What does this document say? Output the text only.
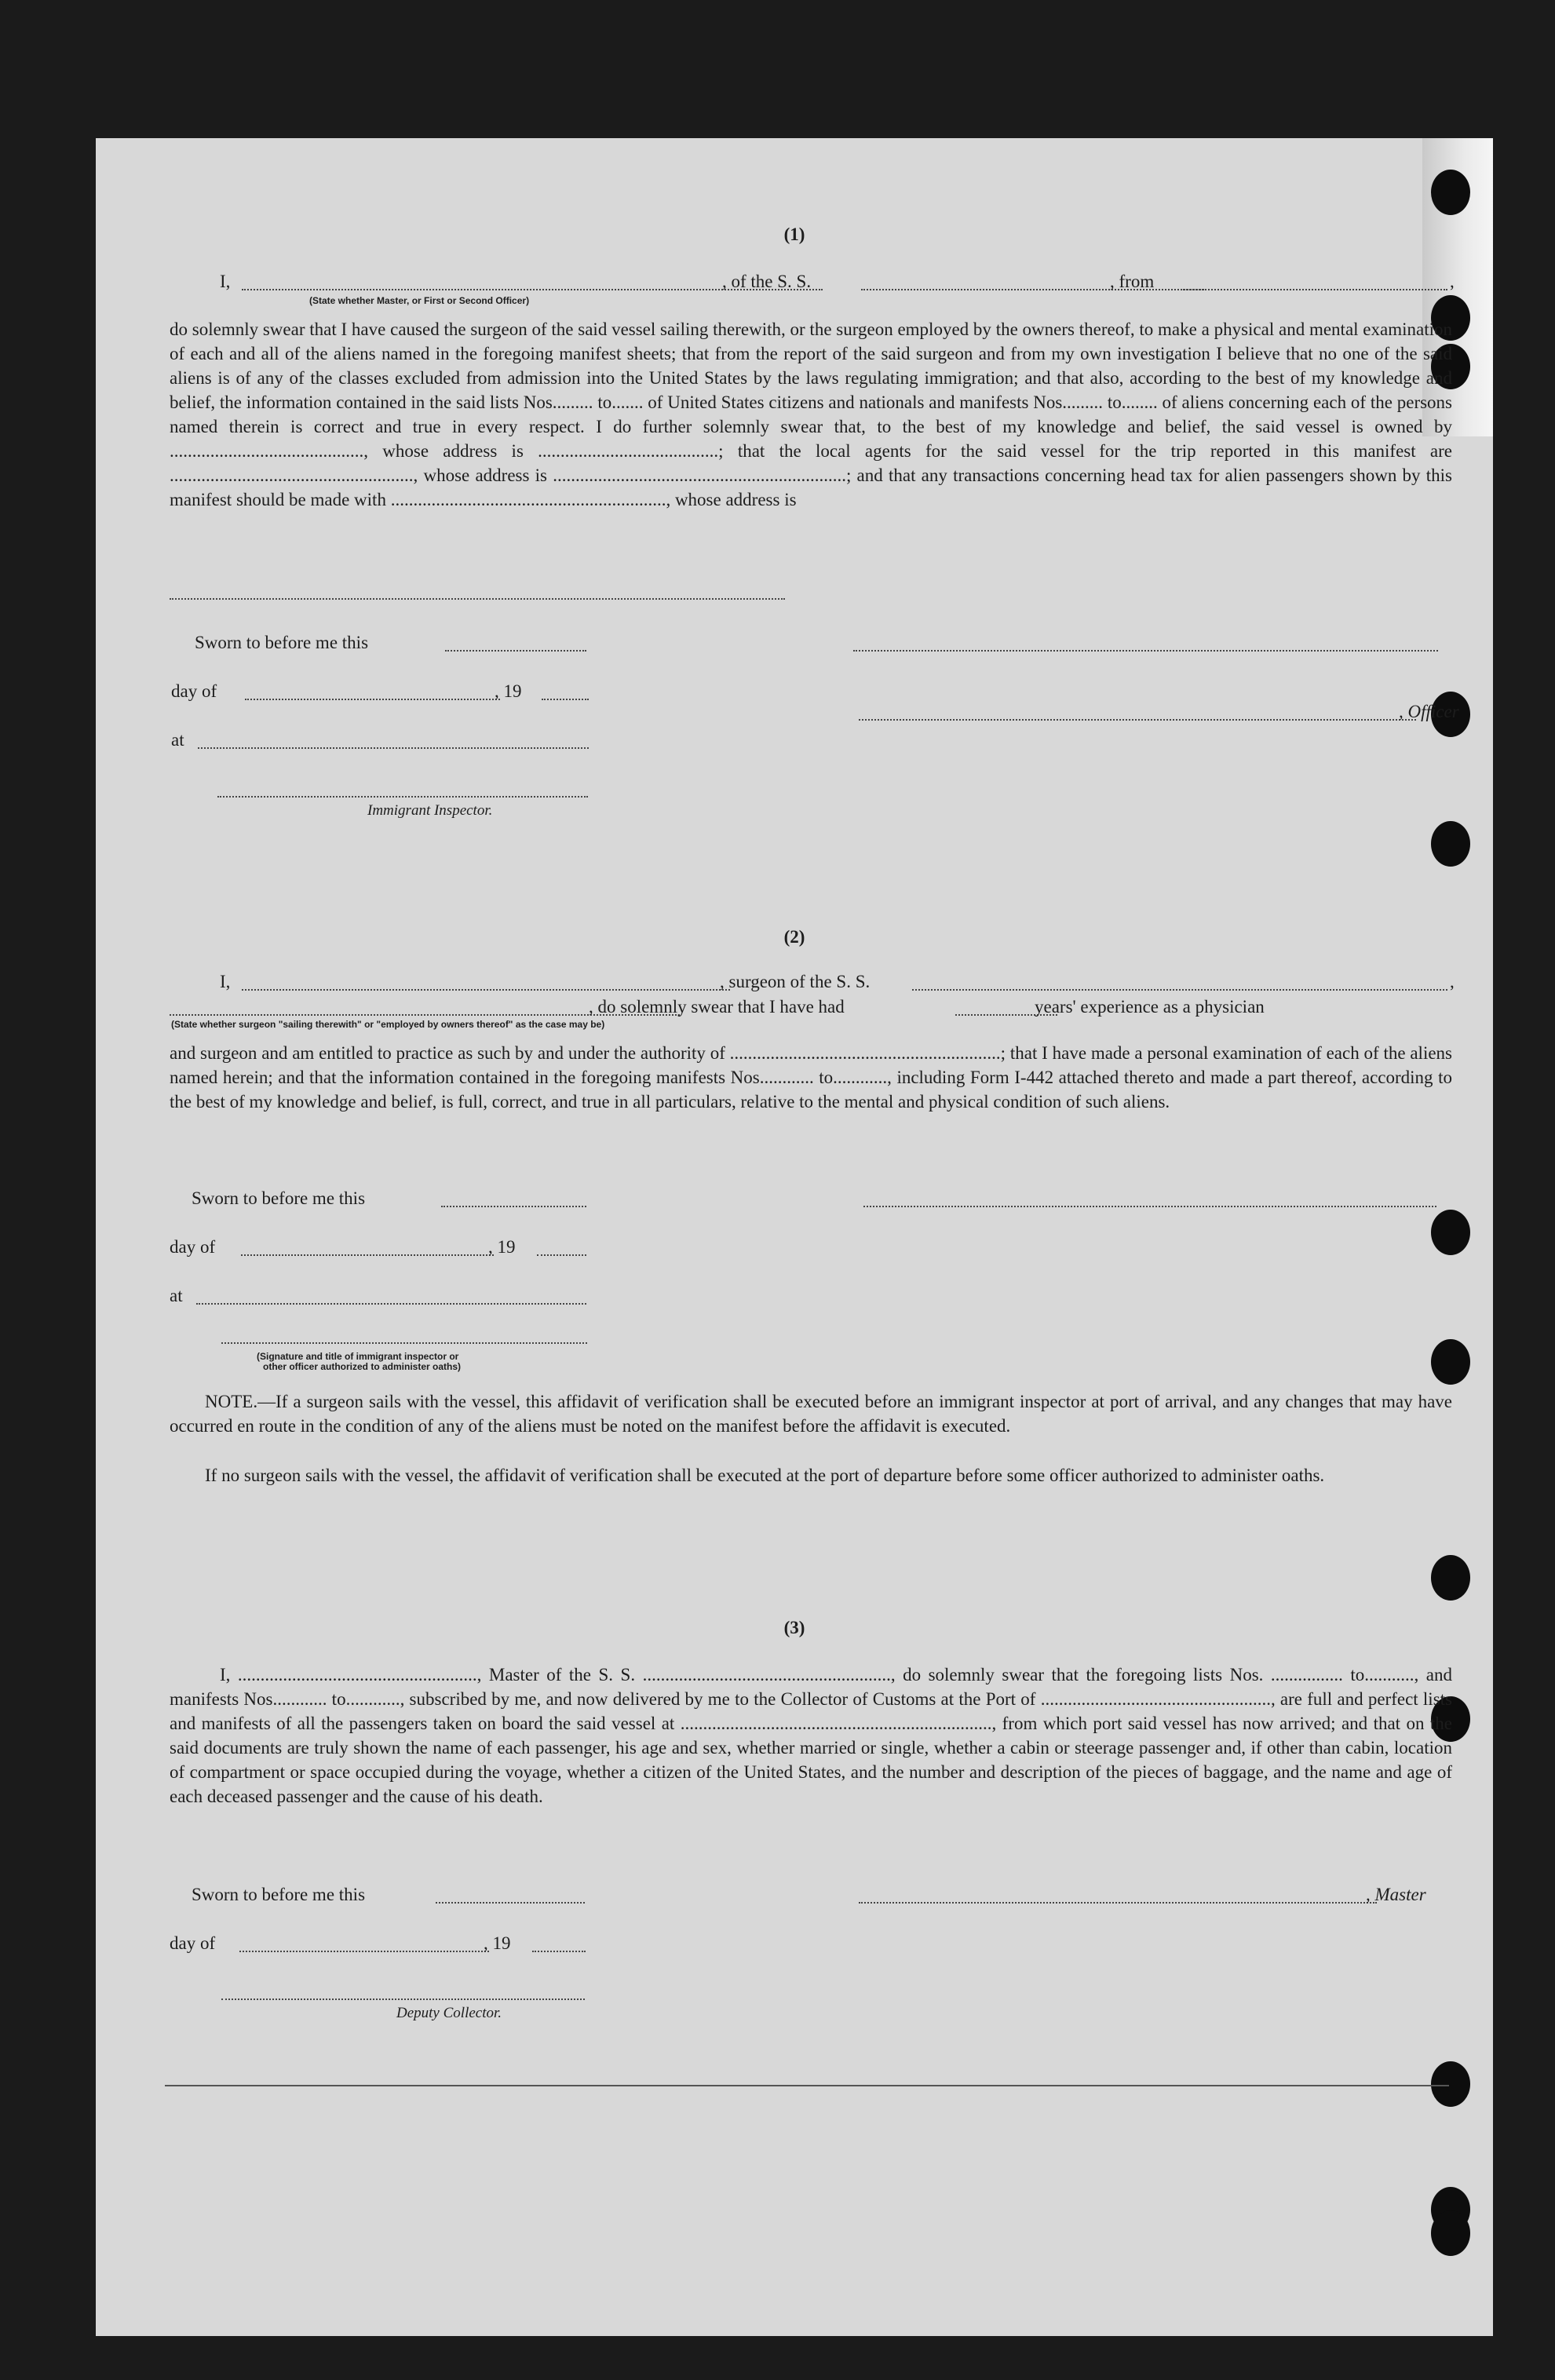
(1)
I,	, of the S. S.	, from	,
(State whether Master, or First or Second Officer)

do solemnly swear that I have caused the surgeon of the said vessel sailing therewith, or the surgeon employed by the owners thereof, to make a physical and mental examination of each and all of the aliens named in the foregoing manifest sheets; that from the report of the said surgeon and from my own investigation I believe that no one of the said aliens is of any of the classes excluded from admission into the United States by the laws regulating immigration; and that also, according to the best of my knowledge and belief, the information contained in the said lists Nos......... to....... of United States citizens and nationals and manifests Nos......... to........ of aliens concerning each of the persons named therein is correct and true in every respect. I do further solemnly swear that, to the best of my knowledge and belief, the said vessel is owned by ..........................................., whose address is ........................................; that the local agents for the said vessel for the trip reported in this manifest are ......................................................, whose address is .................................................................; and that any transactions concerning head tax for alien passengers shown by this manifest should be made with ............................................................., whose address is

Sworn to before me this
day of	, 19
, Officer
at
Immigrant Inspector.
(2)
I,	, surgeon of the S. S.	,
, do solemnly swear that I have had	years' experience as a physician
(State whether surgeon "sailing therewith" or "employed by owners thereof" as the case may be)

and surgeon and am entitled to practice as such by and under the authority of ............................................................; that I have made a personal examination of each of the aliens named herein; and that the information contained in the foregoing manifests Nos............ to............, including Form I-442 attached thereto and made a part thereof, according to the best of my knowledge and belief, is full, correct, and true in all particulars, relative to the mental and physical condition of such aliens.

Sworn to before me this
day of	, 19
at
(Signature and title of immigrant inspector or
other officer authorized to administer oaths)

NOTE.—If a surgeon sails with the vessel, this affidavit of verification shall be executed before an immigrant inspector at port of arrival, and any changes that may have occurred en route in the condition of any of the aliens must be noted on the manifest before the affidavit is executed.

If no surgeon sails with the vessel, the affidavit of verification shall be executed at the port of departure before some officer authorized to administer oaths.

(3)

I, ....................................................., Master of the S. S. ......................................................., do solemnly swear that the foregoing lists Nos. ................ to..........., and manifests Nos............ to............, subscribed by me, and now delivered by me to the Collector of Customs at the Port of ..................................................., are full and perfect lists and manifests of all the passengers taken on board the said vessel at ....................................................................., from which port said vessel has now arrived; and that on the said documents are truly shown the name of each passenger, his age and sex, whether married or single, whether a cabin or steerage passenger and, if other than cabin, location of compartment or space occupied during the voyage, whether a citizen of the United States, and the number and description of the pieces of baggage, and the name and age of each deceased passenger and the cause of his death.

Sworn to before me this	, Master
day of	, 19
Deputy Collector.
